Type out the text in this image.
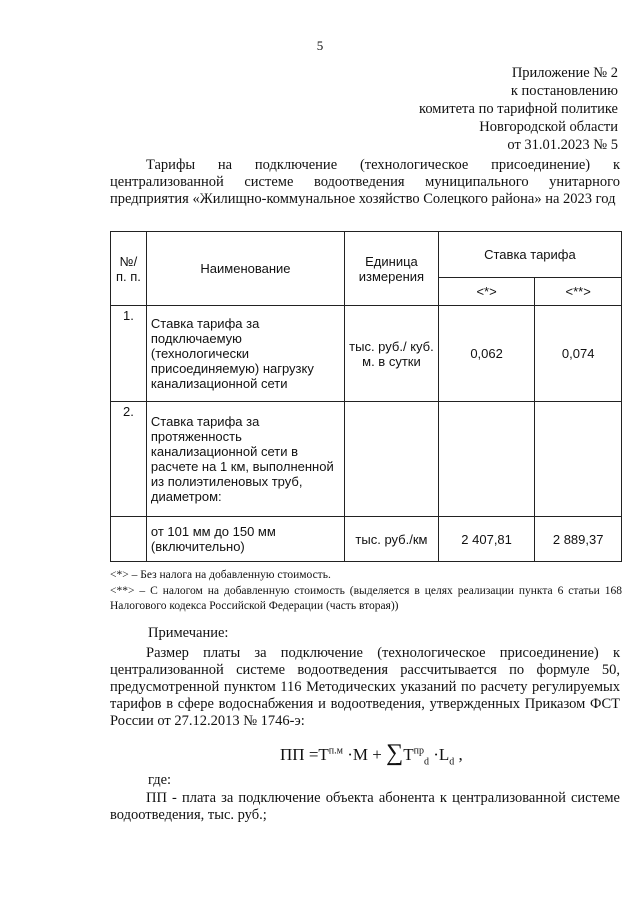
5
Приложение № 2
к постановлению
комитета по тарифной политике
Новгородской области
от 31.01.2023 № 5
Тарифы на подключение (технологическое присоединение) к централизованной системе водоотведения муниципального унитарного предприятия «Жилищно-коммунальное хозяйство Солецкого района» на 2023 год
№/ п. п.	Наименование	Единица измерения	Ставка тарифа	
			<*>	<**>
1.	Ставка тарифа за подключаемую (технологически присоединяемую) нагрузку канализационной сети	тыс. руб./ куб. м. в сутки	0,062	0,074
2.	Ставка тарифа за протяженность канализационной сети в расчете на 1 км, выполненной из полиэтиленовых труб, диаметром:			
	от 101 мм до 150 мм (включительно)	тыс. руб./км	2 407,81	2 889,37
<*> – Без налога на добавленную стоимость.
<**> – С налогом на добавленную стоимость (выделяется в целях реализации пункта 6 статьи 168 Налогового кодекса Российской Федерации (часть вторая))
Примечание:
Размер платы за подключение (технологическое присоединение) к централизованной системе водоотведения рассчитывается по формуле 50, предусмотренной пунктом 116 Методических указаний по расчету регулируемых тарифов в сфере водоснабжения и водоотведения, утвержденных Приказом ФСТ России от 27.12.2013 № 1746-э:
ПП $=T^{п.м} \cdot M + \sum T^{пр}_d \cdot L_d$ ,
где:
ПП - плата за подключение объекта абонента к централизованной системе водоотведения, тыс. руб.;
